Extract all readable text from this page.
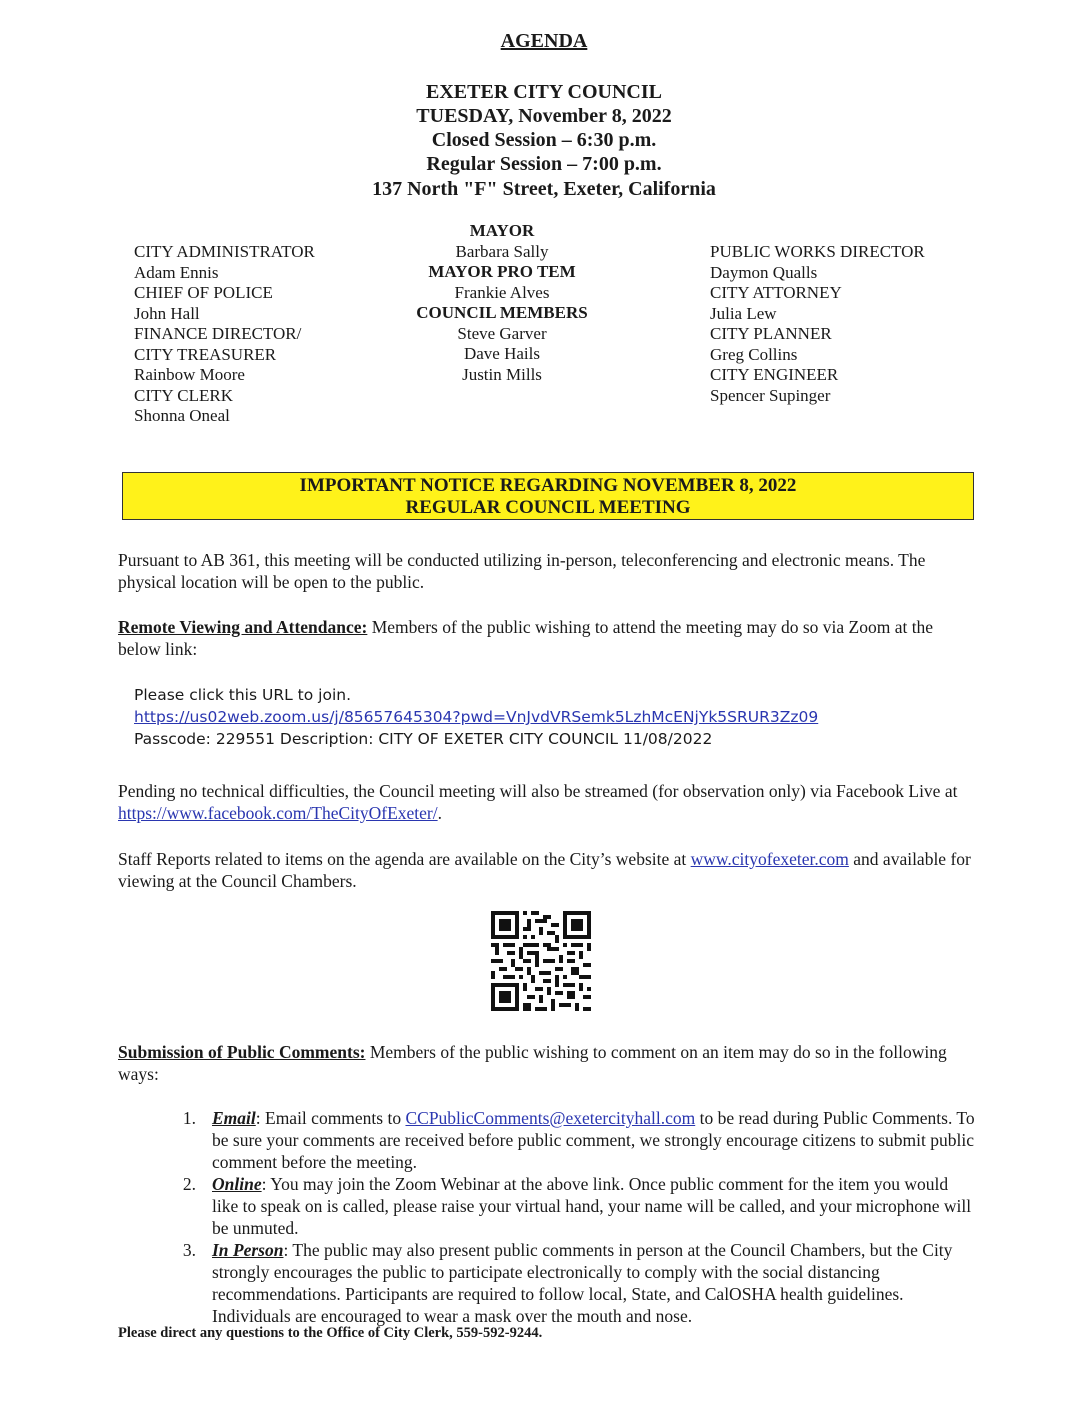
AGENDA
EXETER CITY COUNCIL
TUESDAY, November 8, 2022
Closed Session – 6:30 p.m.
Regular Session – 7:00 p.m.
137 North "F" Street, Exeter, California
CITY ADMINISTRATOR
Adam Ennis
CHIEF OF POLICE
John Hall
FINANCE DIRECTOR/
CITY TREASURER
Rainbow Moore
CITY CLERK
Shonna Oneal
MAYOR
Barbara Sally
MAYOR PRO TEM
Frankie Alves
COUNCIL MEMBERS
Steve Garver
Dave Hails
Justin Mills
PUBLIC WORKS DIRECTOR
Daymon Qualls
CITY ATTORNEY
Julia Lew
CITY PLANNER
Greg Collins
CITY ENGINEER
Spencer Supinger
IMPORTANT NOTICE REGARDING NOVEMBER 8, 2022
REGULAR COUNCIL MEETING
Pursuant to AB 361, this meeting will be conducted utilizing in-person, teleconferencing and electronic means. The physical location will be open to the public.
Remote Viewing and Attendance: Members of the public wishing to attend the meeting may do so via Zoom at the below link:
Please click this URL to join.
https://us02web.zoom.us/j/85657645304?pwd=VnJvdVRSemk5LzhMcENjYk5SRUR3Zz09
Passcode: 229551 Description: CITY OF EXETER CITY COUNCIL 11/08/2022
Pending no technical difficulties, the Council meeting will also be streamed (for observation only) via Facebook Live at https://www.facebook.com/TheCityOfExeter/.
Staff Reports related to items on the agenda are available on the City’s website at www.cityofexeter.com and available for viewing at the Council Chambers.
Submission of Public Comments: Members of the public wishing to comment on an item may do so in the following ways:
1. Email: Email comments to CCPublicComments@exetercityhall.com to be read during Public Comments. To be sure your comments are received before public comment, we strongly encourage citizens to submit public comment before the meeting.
2. Online: You may join the Zoom Webinar at the above link. Once public comment for the item you would like to speak on is called, please raise your virtual hand, your name will be called, and your microphone will be unmuted.
3. In Person: The public may also present public comments in person at the Council Chambers, but the City strongly encourages the public to participate electronically to comply with the social distancing recommendations. Participants are required to follow local, State, and CalOSHA health guidelines. Individuals are encouraged to wear a mask over the mouth and nose.
Please direct any questions to the Office of City Clerk, 559-592-9244.
